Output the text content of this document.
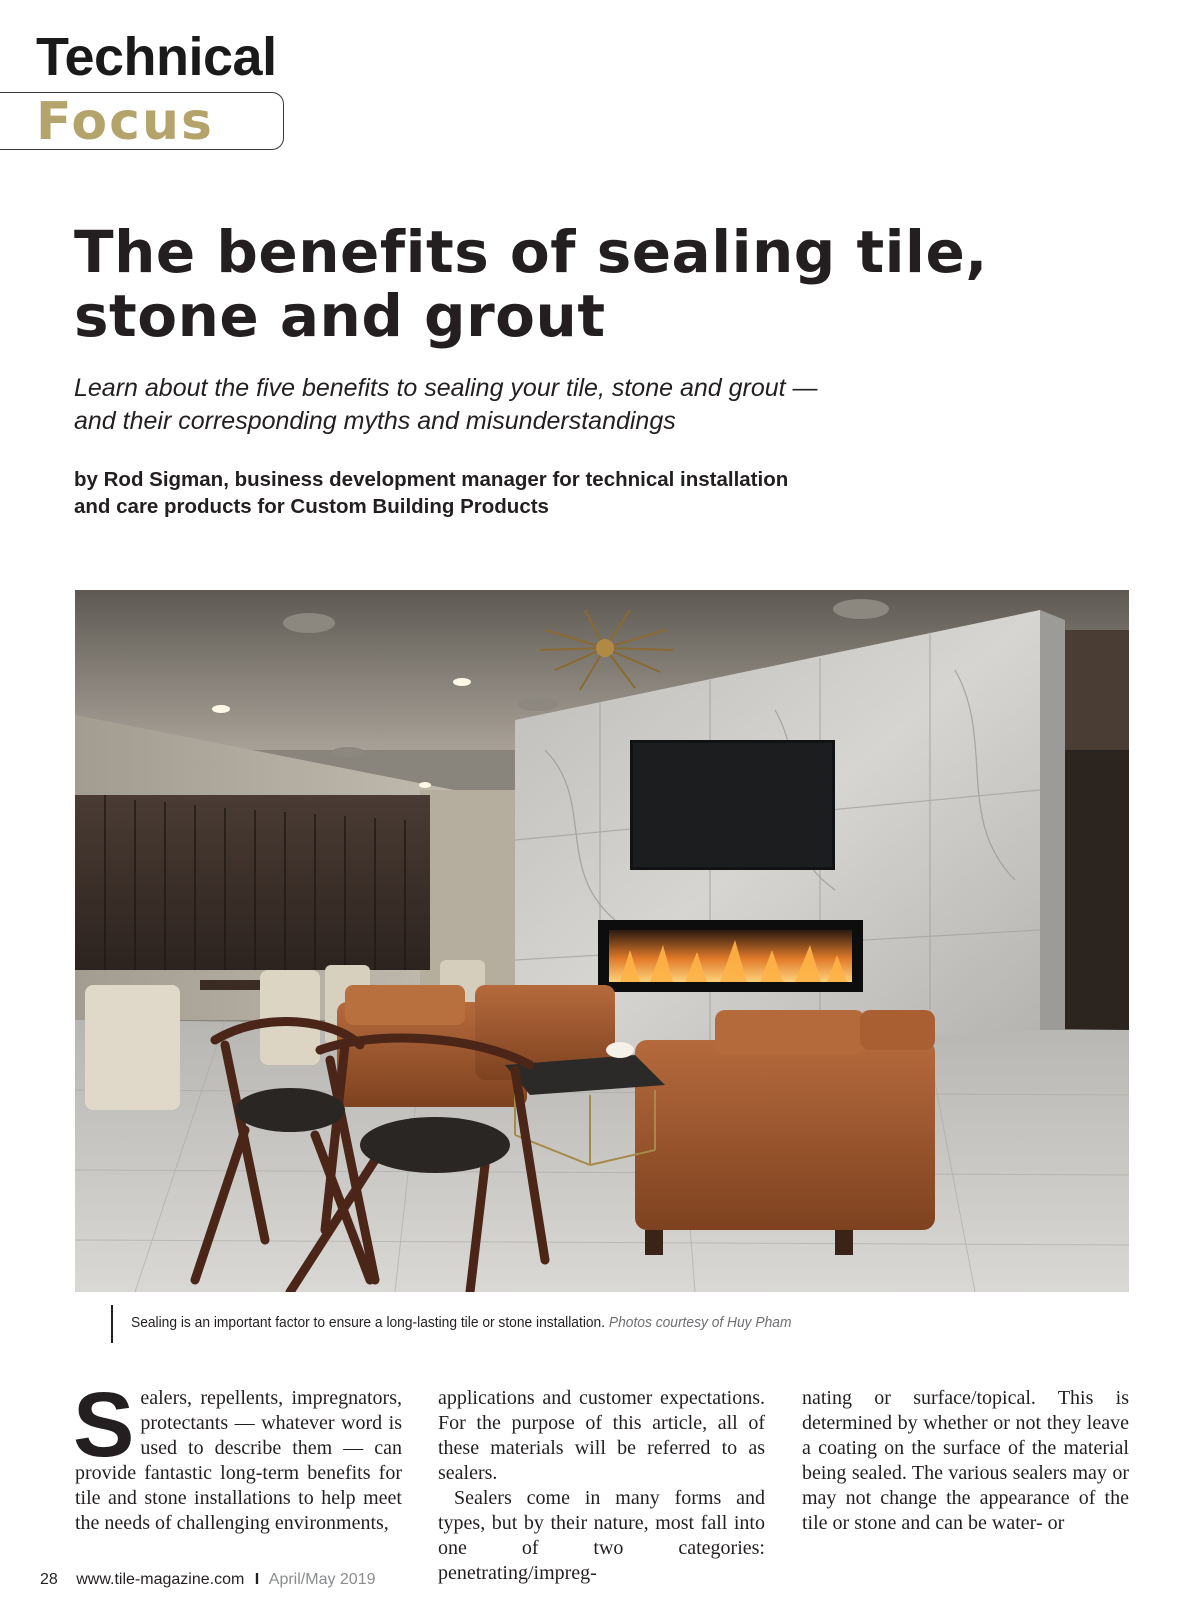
Technical
Focus
The benefits of sealing tile,
stone and grout

Learn about the five benefits to sealing your tile, stone and grout —
and their corresponding myths and misunderstandings

by Rod Sigman, business development manager for technical installation
and care products for Custom Building Products

Sealing is an important factor to ensure a long-lasting tile or stone installation. Photos courtesy of Huy Pham

Sealers, repellents, impregnators, protectants — whatever word is used to describe them — can provide fantastic long-term benefits for tile and stone installations to help meet the needs of challenging environments,

applications and customer expectations. For the purpose of this article, all of these materials will be referred to as sealers.
Sealers come in many forms and types, but by their nature, most fall into one of two categories: penetrating/impreg-

nating or surface/topical. This is determined by whether or not they leave a coating on the surface of the material being sealed. The various sealers may or may not change the appearance of the tile or stone and can be water- or

28 www.tile-magazine.com I April/May 2019
